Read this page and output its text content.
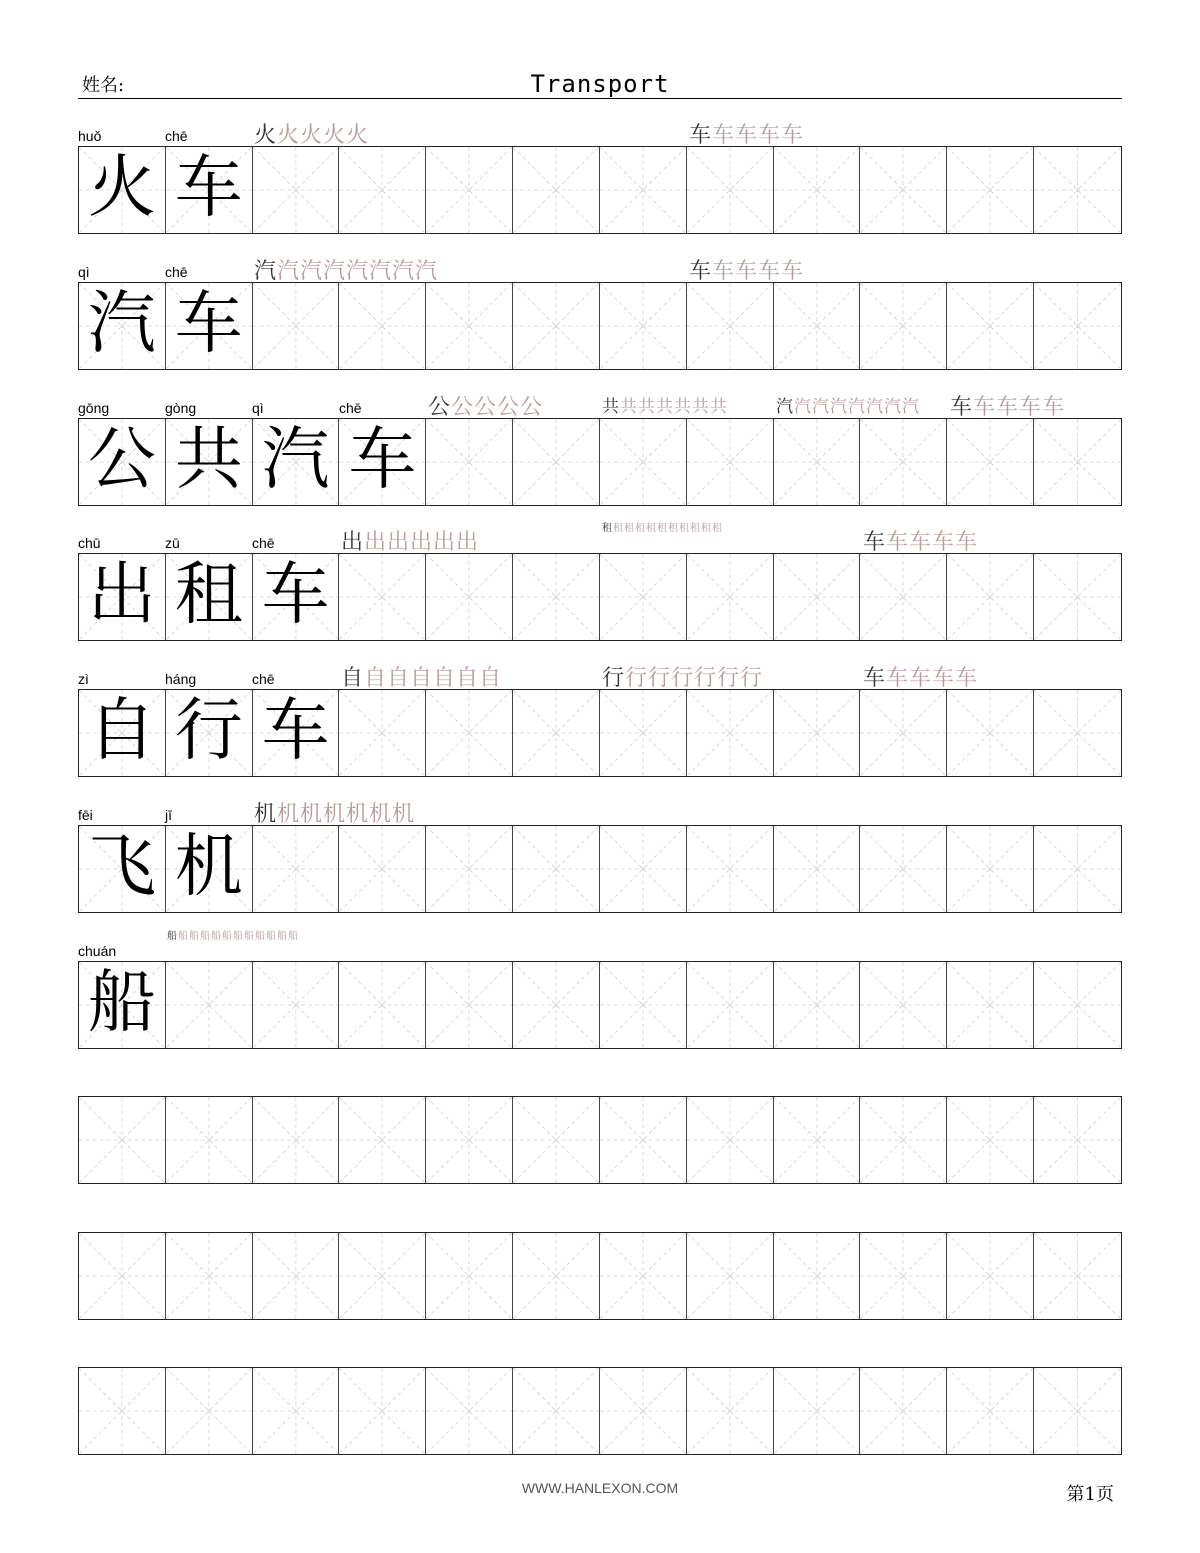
姓名:	Transport
huǒ	chē	火火火火火	车车车车车
火 车
qì	chē	汽汽汽汽汽汽汽汽	车车车车车
汽 车
gōng	gòng	qì	chē	公公公公公	共共共共共共共	汽汽汽汽汽汽汽汽 车车车车车
公 共 汽 车
chū	zū	chē	出出出出出出
租租租租租租租租租租租
车车车车车
出 租 车
zì	háng	chē	自自自自自自自	行行行行行行行	车车车车车
自 行 车
fēi	jī	机机机机机机机
飞 机
chuán
船船船船船船船船船船船船
船
WWW.HANLEXON.COM	第1页
